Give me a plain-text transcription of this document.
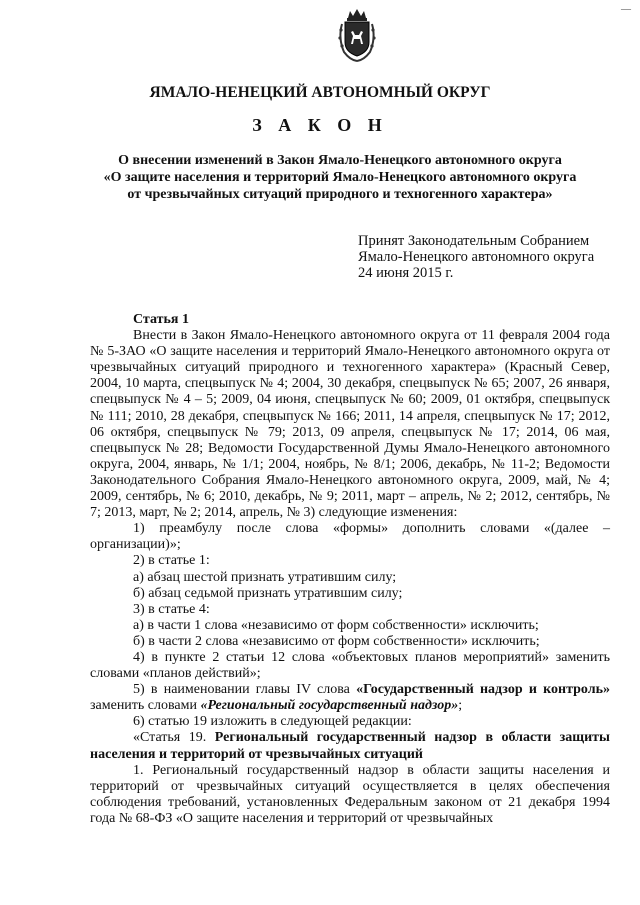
—
ЯМАЛО-НЕНЕЦКИЙ АВТОНОМНЫЙ ОКРУГ
З А К О Н
О внесении изменений в Закон Ямало-Ненецкого автономного округа
«О защите населения и территорий Ямало-Ненецкого автономного округа
от чрезвычайных ситуаций природного и техногенного характера»
Принят Законодательным Собранием
Ямало-Ненецкого автономного округа
24 июня 2015 г.

Статья 1

Внести в Закон Ямало-Ненецкого автономного округа от 11 февраля 2004 года № 5-ЗАО «О защите населения и территорий Ямало-Ненецкого автономного округа от чрезвычайных ситуаций природного и техногенного характера» (Красный Север, 2004, 10 марта, спецвыпуск № 4; 2004, 30 декабря, спецвыпуск № 65; 2007, 26 января, спецвыпуск № 4 – 5; 2009, 04 июня, спецвыпуск № 60; 2009, 01 октября, спецвыпуск № 111; 2010, 28 декабря, спецвыпуск № 166; 2011, 14 апреля, спецвыпуск № 17; 2012, 06 октября, спецвыпуск № 79; 2013, 09 апреля, спецвыпуск № 17; 2014, 06 мая, спецвыпуск № 28; Ведомости Государственной Думы Ямало-Ненецкого автономного округа, 2004, январь, № 1/1; 2004, ноябрь, № 8/1; 2006, декабрь, № 11-2; Ведомости Законодательного Собрания Ямало-Ненецкого автономного округа, 2009, май, № 4; 2009, сентябрь, № 6; 2010, декабрь, № 9; 2011, март – апрель, № 2; 2012, сентябрь, № 7; 2013, март, № 2; 2014, апрель, № 3) следующие изменения:

1) преамбулу после слова «формы» дополнить словами «(далее – организации)»;

2) в статье 1:

а) абзац шестой признать утратившим силу;

б) абзац седьмой признать утратившим силу;

3) в статье 4:

а) в части 1 слова «независимо от форм собственности» исключить;

б) в части 2 слова «независимо от форм собственности» исключить;

4) в пункте 2 статьи 12 слова «объектовых планов мероприятий» заменить словами «планов действий»;

5) в наименовании главы IV слова «Государственный надзор и контроль» заменить словами «Региональный государственный надзор»;

6) статью 19 изложить в следующей редакции:

«Статья 19. Региональный государственный надзор в области защиты населения и территорий от чрезвычайных ситуаций

1. Региональный государственный надзор в области защиты населения и территорий от чрезвычайных ситуаций осуществляется в целях обеспечения соблюдения требований, установленных Федеральным законом от 21 декабря 1994 года № 68-ФЗ «О защите населения и территорий от чрезвычайных
